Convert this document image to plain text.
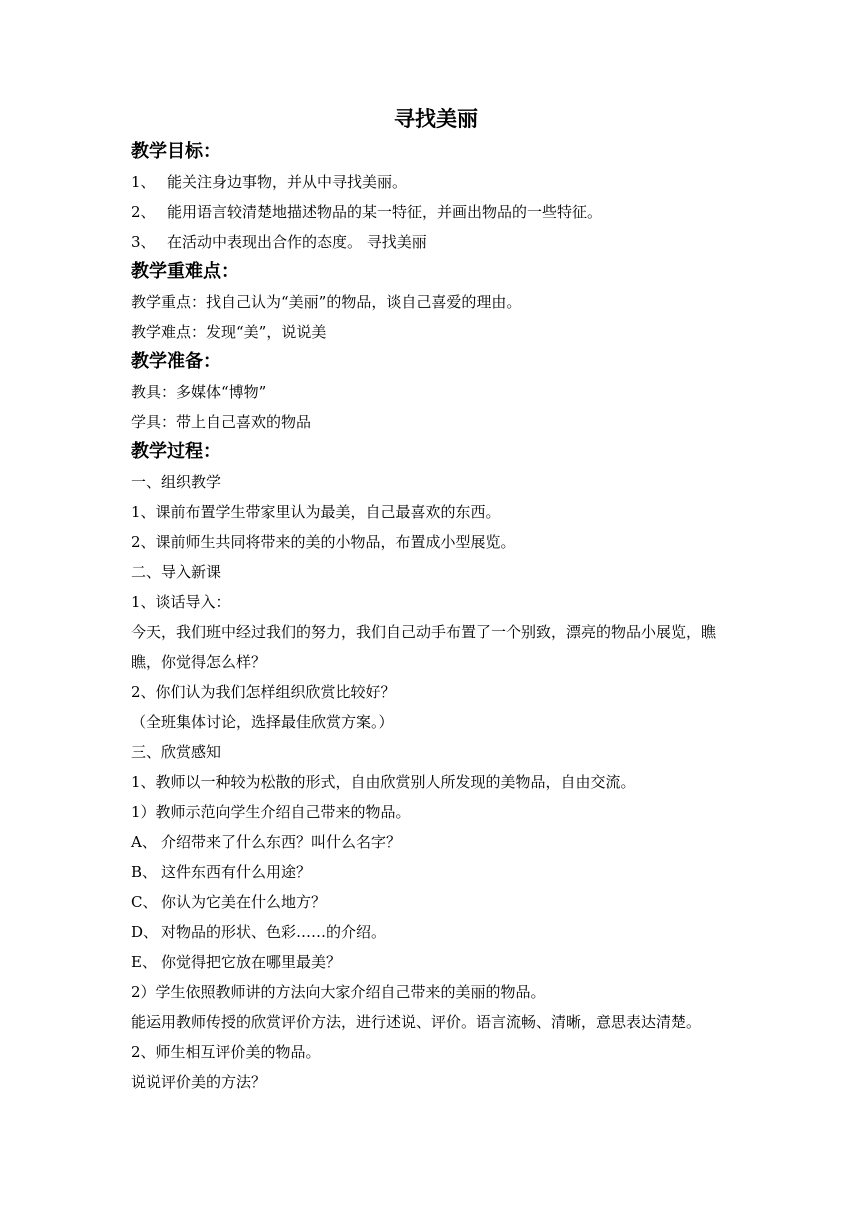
寻找美丽
教学目标：
1、 能关注身边事物，并从中寻找美丽。
2、 能用语言较清楚地描述物品的某一特征，并画出物品的一些特征。
3、 在活动中表现出合作的态度。 寻找美丽
教学重难点：
教学重点：找自己认为“美丽”的物品，谈自己喜爱的理由。
教学难点：发现“美”，说说美
教学准备：
教具：多媒体“博物”
学具：带上自己喜欢的物品
教学过程：
一、组织教学
1、课前布置学生带家里认为最美，自己最喜欢的东西。
2、课前师生共同将带来的美的小物品，布置成小型展览。
二、导入新课
1、谈话导入：
今天，我们班中经过我们的努力，我们自己动手布置了一个别致，漂亮的物品小展览，瞧瞧，你觉得怎么样？
2、你们认为我们怎样组织欣赏比较好？
（全班集体讨论，选择最佳欣赏方案。）
三、欣赏感知
1、教师以一种较为松散的形式，自由欣赏别人所发现的美物品，自由交流。
1）教师示范向学生介绍自己带来的物品。
A、 介绍带来了什么东西？叫什么名字？
B、 这件东西有什么用途？
C、 你认为它美在什么地方？
D、 对物品的形状、色彩……的介绍。
E、 你觉得把它放在哪里最美？
2）学生依照教师讲的方法向大家介绍自己带来的美丽的物品。
能运用教师传授的欣赏评价方法，进行述说、评价。语言流畅、清晰，意思表达清楚。
2、师生相互评价美的物品。
说说评价美的方法？
